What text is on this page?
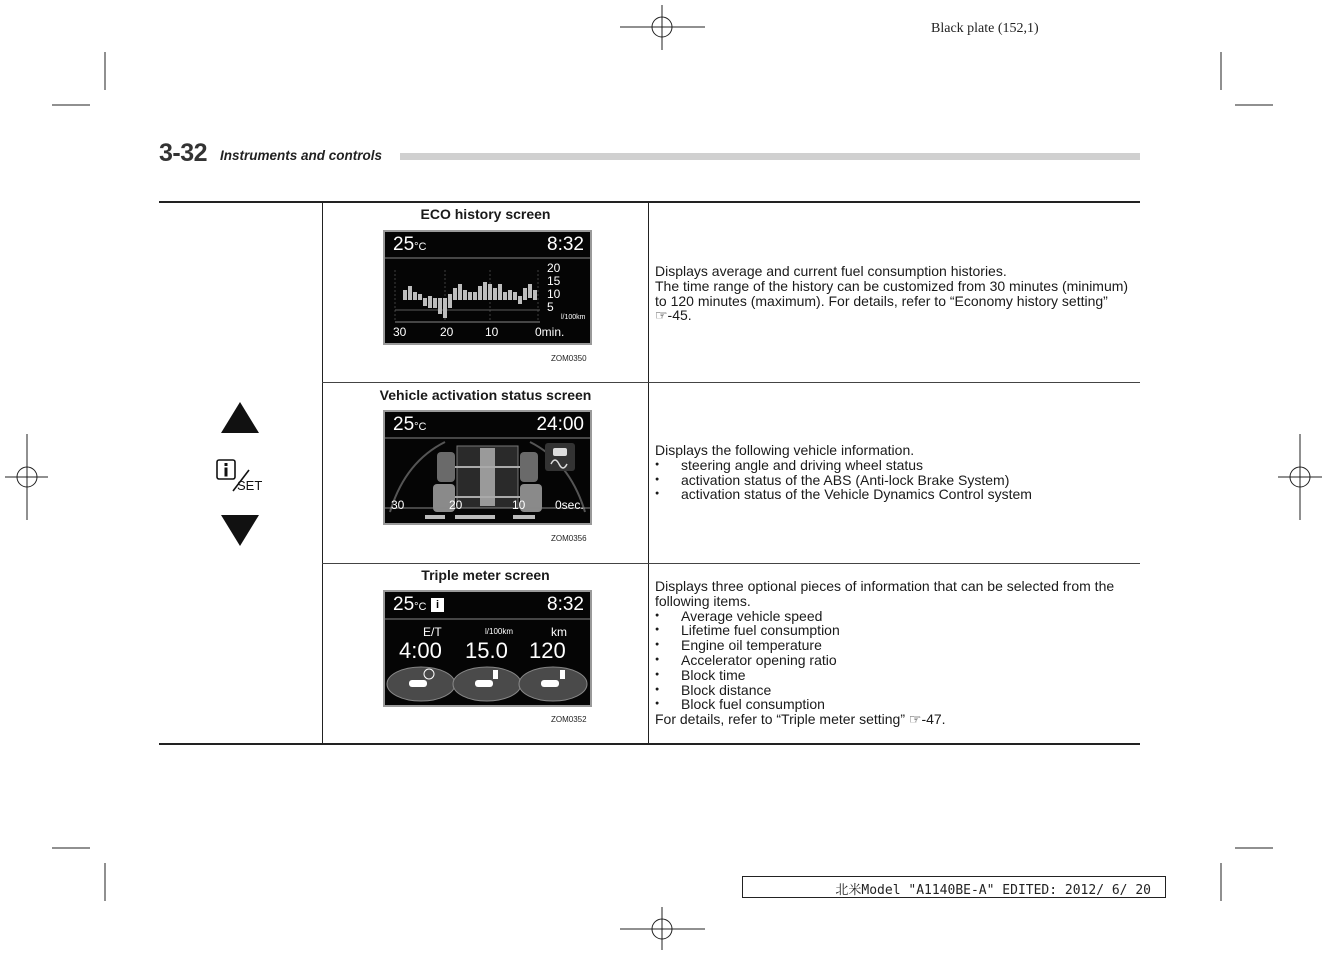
Black plate (152,1)
3-32 Instruments and controls
SET
ECO history screen
25°C	8:32
20
15
10
5
l/100km
30	20	10	0min.
ZOM0350

Displays average and current fuel consumption histories.

The time range of the history can be customized from 30 minutes (minimum) to 120 minutes (maximum). For details, refer to “Economy history setting” ☞-45.

Vehicle activation status screen
25°C	24:00
30	20	10 0sec.
ZOM0356

Displays the following vehicle information.

● steering angle and driving wheel status
● activation status of the ABS (Anti-lock Brake System)
● activation status of the Vehicle Dynamics Control system
Triple meter screen
25°C i	8:32
E/T	l/100km	km
4:00 15.0 120
ZOM0352

Displays three optional pieces of information that can be selected from the following items.

● Average vehicle speed
● Lifetime fuel consumption
● Engine oil temperature
● Accelerator opening ratio
● Block time
● Block distance
● Block fuel consumption

For details, refer to “Triple meter setting” ☞-47.

北米Model "A1140BE-A" EDITED: 2012/ 6/ 20
